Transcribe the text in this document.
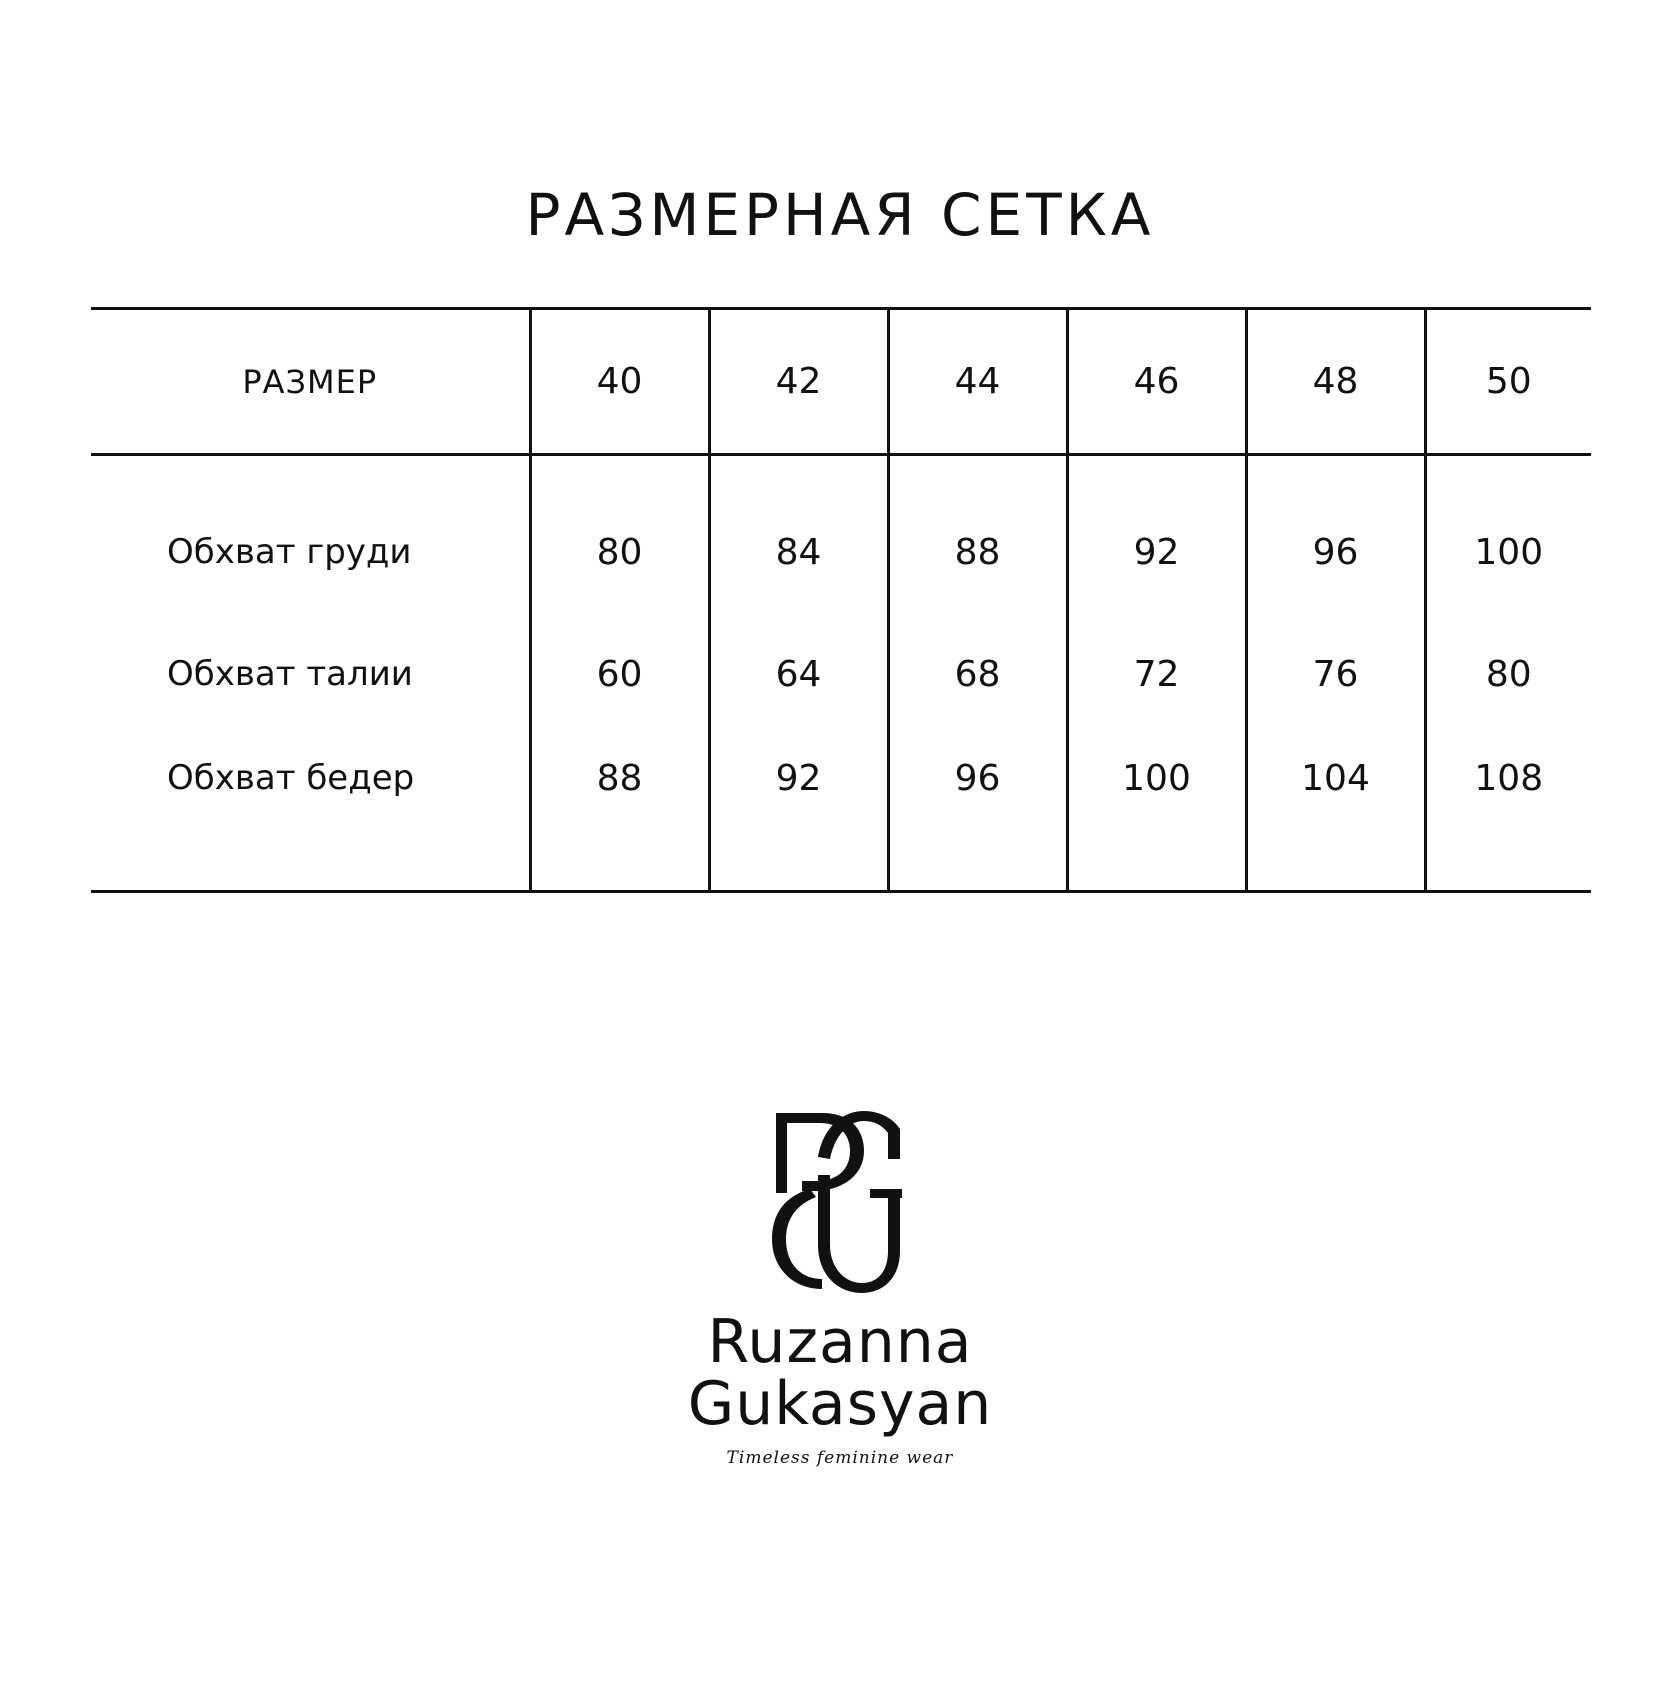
РАЗМЕРНАЯ СЕТКА
РАЗМЕР	40	42	44	46	48	50
Обхват груди	80	84	88	92	96	100
Обхват талии	60	64	68	72	76	80
Обхват бедер	88	92	96	100	104	108
Ruzanna
Gukasyan
Timeless feminine wear
